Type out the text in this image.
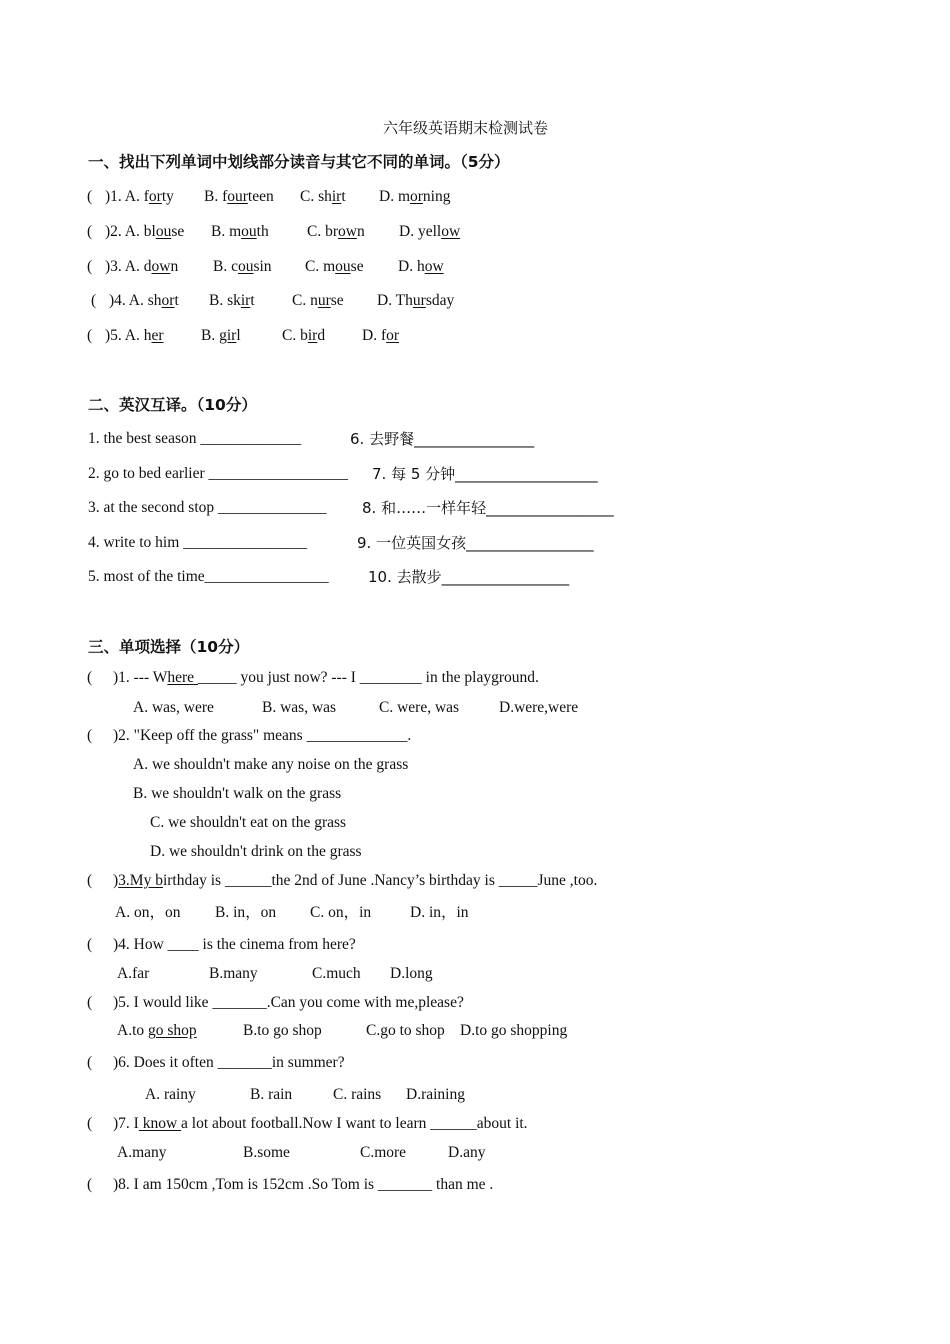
六年级英语期末检测试卷
一、找出下列单词中划线部分读音与其它不同的单词。（5分）
( )1. A. forty B. fourteen C. shirt D. morning
( )2. A. blouse B. mouth C. brown D. yellow
( )3. A. down B. cousin C. mouse D. how
( )4. A. short B. skirt C. nurse D. Thursday
( )5. A. her B. girl	C. bird D. for
二、英汉互译。（10分）
1. the best season _____________
2. go to bed earlier __________________
3. at the second stop ______________
4. write to him ________________
5. most of the time________________
6. 去野餐________________
7. 每 5 分钟___________________
8. 和……一样年轻_________________
9. 一位英国女孩_________________
10. 去散步_________________
三、单项选择（10分）
( )1. --- Where _____ you just now? --- I ________ in the playground.
A. was, were	B. was, was	C. were, was	D.were,were
( )2. "Keep off the grass" means _____________.
A. we shouldn't make any noise on the grass
B. we shouldn't walk on the grass
C. we shouldn't eat on the grass
D. we shouldn't drink on the grass
( )3.My birthday is ______the 2nd of June .Nancy’s birthday is _____June ,too.
A. on，on B. in，on C. on，in	D. in，in
( )4. How ____ is the cinema from here?
A.far	B.many	C.much D.long
( )5. I would like _______.Can you come with me,please?
A.to go shop	B.to go shop	C.go to shop D.to go shopping
( )6. Does it often _______in summer?
A. rainy	B. rain	C. rains D.raining
( )7. I know a lot about football.Now I want to learn ______about it.
A.many	B.some	C.more	D.any
( )8. I am 150cm ,Tom is 152cm .So Tom is _______ than me .
